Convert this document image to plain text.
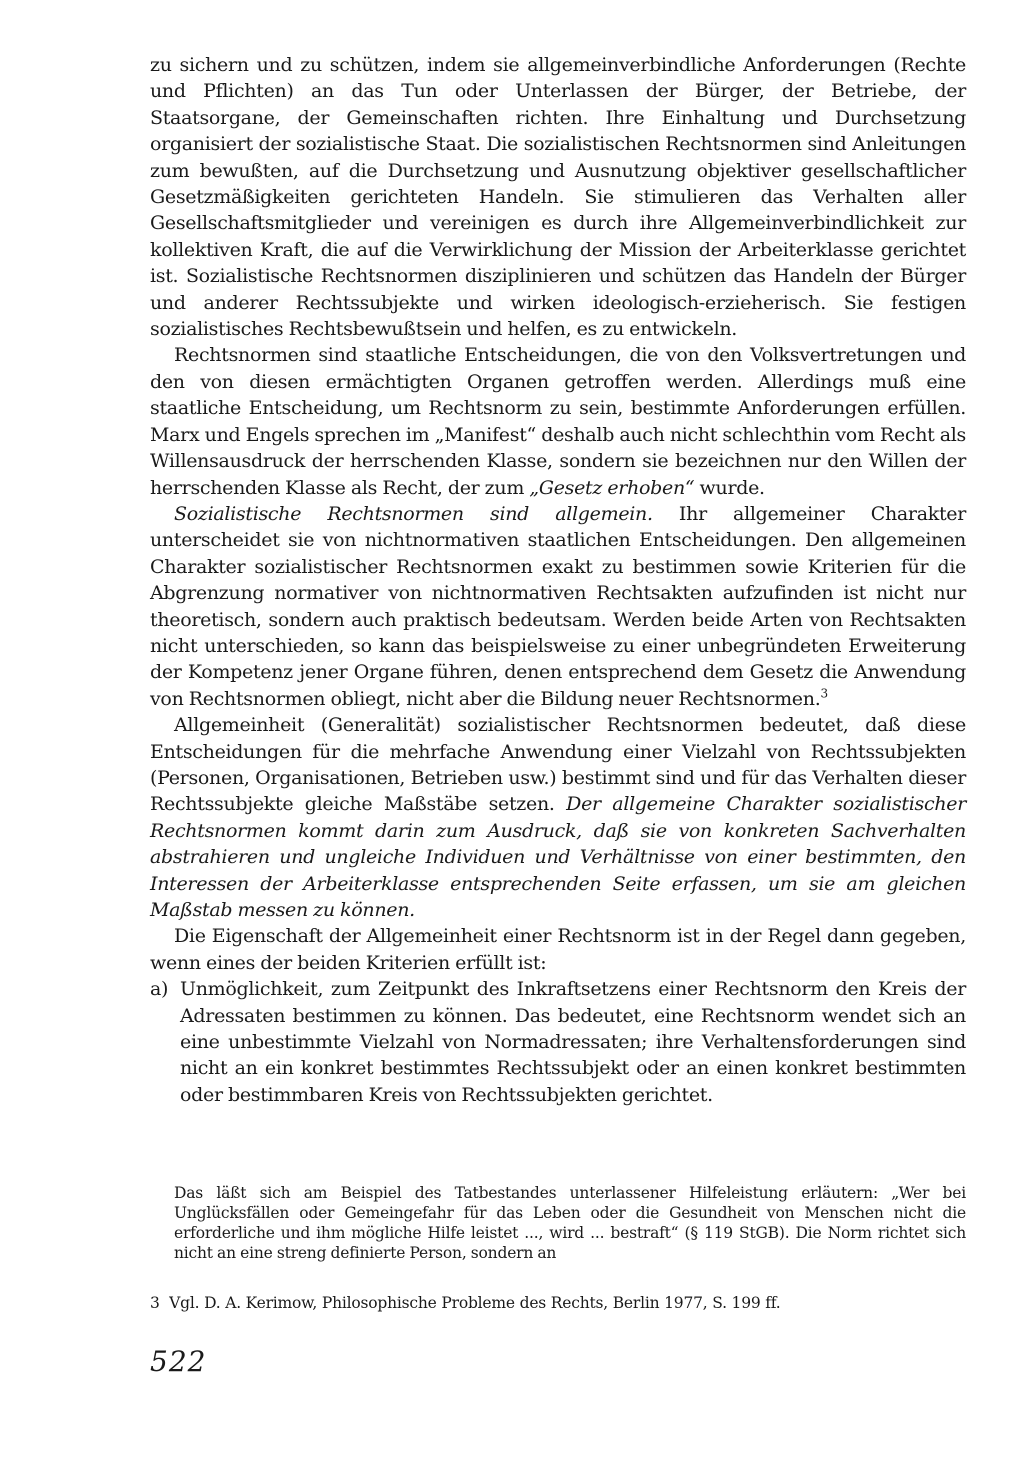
zu sichern und zu schützen, indem sie allgemeinverbindliche Anforderungen (Rechte und Pflichten) an das Tun oder Unterlassen der Bürger, der Betriebe, der Staatsorgane, der Gemeinschaften richten. Ihre Einhaltung und Durchsetzung organisiert der sozialistische Staat. Die sozialistischen Rechtsnormen sind Anleitungen zum bewußten, auf die Durchsetzung und Ausnutzung objektiver gesellschaftlicher Gesetzmäßigkeiten gerichteten Handeln. Sie stimulieren das Verhalten aller Gesellschaftsmitglieder und vereinigen es durch ihre Allgemeinverbindlichkeit zur kollektiven Kraft, die auf die Verwirklichung der Mission der Arbeiterklasse gerichtet ist. Sozialistische Rechtsnormen disziplinieren und schützen das Handeln der Bürger und anderer Rechtssubjekte und wirken ideologisch-erzieherisch. Sie festigen sozialistisches Rechtsbewußtsein und helfen, es zu entwickeln.

Rechtsnormen sind staatliche Entscheidungen, die von den Volksvertretungen und den von diesen ermächtigten Organen getroffen werden. Allerdings muß eine staatliche Entscheidung, um Rechtsnorm zu sein, bestimmte Anforderungen erfüllen. Marx und Engels sprechen im „Manifest“ deshalb auch nicht schlechthin vom Recht als Willensausdruck der herrschenden Klasse, sondern sie bezeichnen nur den Willen der herrschenden Klasse als Recht, der zum „Gesetz erhoben“ wurde.

Sozialistische Rechtsnormen sind allgemein. Ihr allgemeiner Charakter unterscheidet sie von nichtnormativen staatlichen Entscheidungen. Den allgemeinen Charakter sozialistischer Rechtsnormen exakt zu bestimmen sowie Kriterien für die Abgrenzung normativer von nichtnormativen Rechtsakten aufzufinden ist nicht nur theoretisch, sondern auch praktisch bedeutsam. Werden beide Arten von Rechtsakten nicht unterschieden, so kann das beispielsweise zu einer unbegründeten Erweiterung der Kompetenz jener Organe führen, denen entsprechend dem Gesetz die Anwendung von Rechtsnormen obliegt, nicht aber die Bildung neuer Rechtsnormen.$^3$

Allgemeinheit (Generalität) sozialistischer Rechtsnormen bedeutet, daß diese Entscheidungen für die mehrfache Anwendung einer Vielzahl von Rechtssubjekten (Personen, Organisationen, Betrieben usw.) bestimmt sind und für das Verhalten dieser Rechtssubjekte gleiche Maßstäbe setzen. Der allgemeine Charakter sozialistischer Rechtsnormen kommt darin zum Ausdruck, daß sie von konkreten Sachverhalten abstrahieren und ungleiche Individuen und Verhältnisse von einer bestimmten, den Interessen der Arbeiterklasse entsprechenden Seite erfassen, um sie am gleichen Maßstab messen zu können.

Die Eigenschaft der Allgemeinheit einer Rechtsnorm ist in der Regel dann gegeben, wenn eines der beiden Kriterien erfüllt ist:

a) Unmöglichkeit, zum Zeitpunkt des Inkraftsetzens einer Rechtsnorm den Kreis der Adressaten bestimmen zu können. Das bedeutet, eine Rechtsnorm wendet sich an eine unbestimmte Vielzahl von Normadressaten; ihre Verhaltensforderungen sind nicht an ein konkret bestimmtes Rechtssubjekt oder an einen konkret bestimmten oder bestimmbaren Kreis von Rechtssubjekten gerichtet.
Das läßt sich am Beispiel des Tatbestandes unterlassener Hilfeleistung erläutern: „Wer bei Unglücksfällen oder Gemeingefahr für das Leben oder die Gesundheit von Menschen nicht die erforderliche und ihm mögliche Hilfe leistet ..., wird ... bestraft“ (§ 119 StGB). Die Norm richtet sich nicht an eine streng definierte Person, sondern an
3 Vgl. D. A. Kerimow, Philosophische Probleme des Rechts, Berlin 1977, S. 199 ff.
522
